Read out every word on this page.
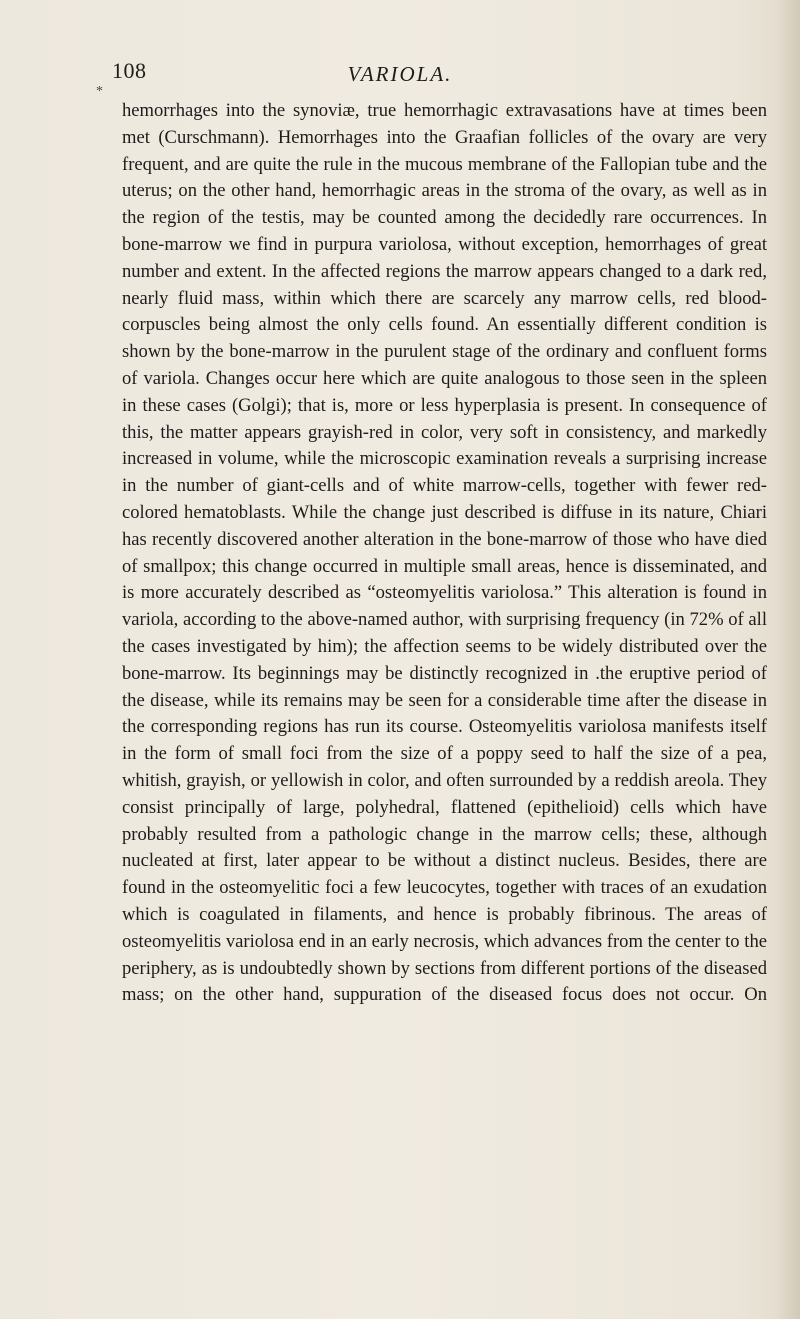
108	VARIOLA.
*

hemorrhages into the synoviæ, true hemorrhagic extravasations have at times been met (Curschmann). Hemorrhages into the Graafian follicles of the ovary are very frequent, and are quite the rule in the mucous membrane of the Fallopian tube and the uterus; on the other hand, hemorrhagic areas in the stroma of the ovary, as well as in the region of the testis, may be counted among the decidedly rare occurrences. In bone-marrow we find in purpura variolosa, without exception, hemorrhages of great number and extent. In the affected regions the marrow appears changed to a dark red, nearly fluid mass, within which there are scarcely any marrow cells, red blood-corpuscles being almost the only cells found. An essentially different condition is shown by the bone-marrow in the purulent stage of the ordinary and confluent forms of variola. Changes occur here which are quite analogous to those seen in the spleen in these cases (Golgi); that is, more or less hyperplasia is present. In consequence of this, the matter appears grayish-red in color, very soft in consistency, and markedly increased in volume, while the microscopic examination reveals a surprising increase in the number of giant-cells and of white marrow-cells, together with fewer red-colored hematoblasts. While the change just described is diffuse in its nature, Chiari has recently discovered another alteration in the bone-marrow of those who have died of smallpox; this change occurred in multiple small areas, hence is disseminated, and is more accurately described as “osteomyelitis variolosa.” This alteration is found in variola, according to the above-named author, with surprising frequency (in 72% of all the cases investigated by him); the affection seems to be widely distributed over the bone-marrow. Its beginnings may be distinctly recognized in .the eruptive period of the disease, while its remains may be seen for a considerable time after the disease in the corresponding regions has run its course. Osteomyelitis variolosa manifests itself in the form of small foci from the size of a poppy seed to half the size of a pea, whitish, grayish, or yellowish in color, and often surrounded by a reddish areola. They consist principally of large, polyhedral, flattened (epithelioid) cells which have probably resulted from a pathologic change in the marrow cells; these, although nucleated at first, later appear to be without a distinct nucleus. Besides, there are found in the osteomyelitic foci a few leucocytes, together with traces of an exudation which is coagulated in filaments, and hence is probably fibrinous. The areas of osteomyelitis variolosa end in an early necrosis, which advances from the center to the periphery, as is undoubtedly shown by sections from different portions of the diseased mass; on the other hand, suppuration of the diseased focus does not occur. On
